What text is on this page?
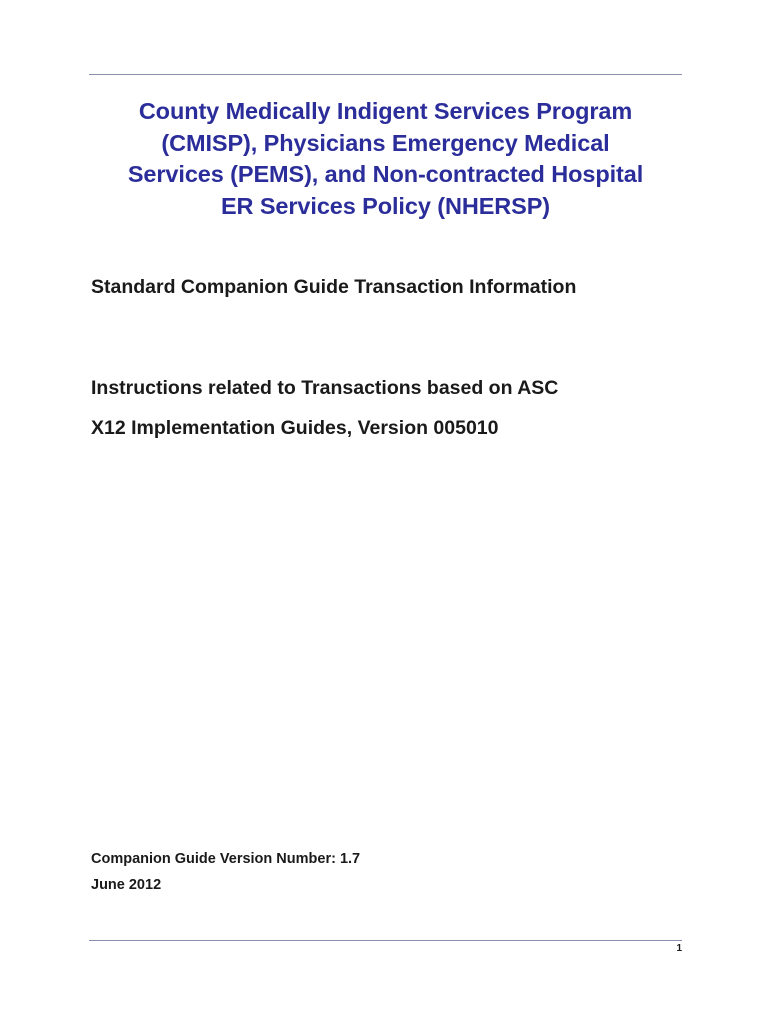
County Medically Indigent Services Program
(CMISP), Physicians Emergency Medical
Services (PEMS), and Non-contracted Hospital
ER Services Policy (NHERSP)
Standard Companion Guide Transaction Information
Instructions related to Transactions based on ASC
X12 Implementation Guides, Version 005010
Companion Guide Version Number: 1.7
June 2012
1
